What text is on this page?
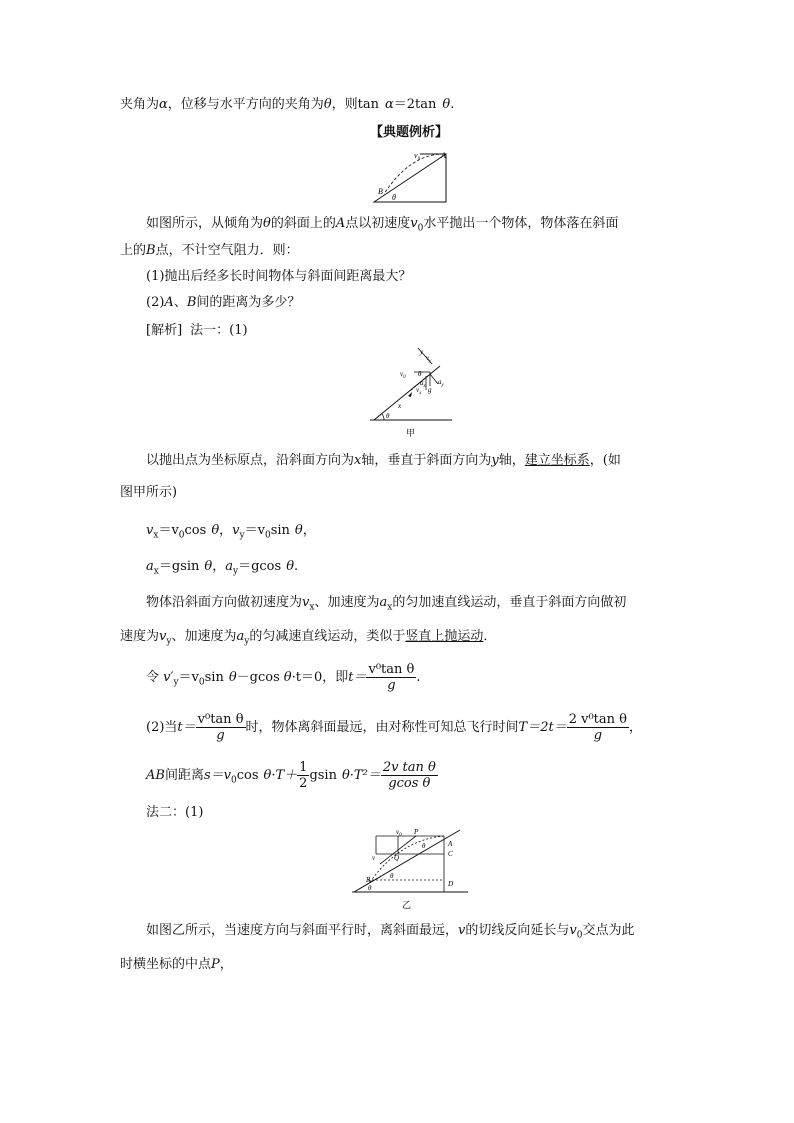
夹角为α，位移与水平方向的夹角为θ，则tan α＝2tan θ.
【典题例析】
$v_0$	A
B
θ
如图所示，从倾角为θ的斜面上的A点以初速度$v_0$水平抛出一个物体，物体落在斜面
上的B点，不计空气阻力．则：
(1)抛出后经多长时间物体与斜面间距离最大？
(2)A、B间的距离为多少？
[解析] 法一：(1)
y
$v_y$
$v_0$ θ
$a_y$
$a_x$
$v_x$ g
x
θ
甲
以抛出点为坐标原点，沿斜面方向为x轴，垂直于斜面方向为y轴，建立坐标系，(如
图甲所示)
$v_x=v_0\cos$ θ，$v_y=v_0\sin$ θ，
$a_x=gsin$ θ，$a_y=gcos$ θ.
物体沿斜面方向做初速度为$v_x$、加速度为$a_x$的匀加速直线运动，垂直于斜面方向做初
速度为$v_y$、加速度为$a_y$的匀减速直线运动，类似于竖直上抛运动．
令 $v'_y=v_0\sin$ θ－gcos θ·t＝0，即$t= \frac{\text{v⁰tan θ}}{g}$ .
(2)当$t= \frac{\text{v⁰tan θ}}{g}$ 时，物体离斜面最远，由对称性可知总飞行时间$T=2t= \frac{\text{2 v⁰tan θ}}{g}$ ，
AB间距离$s=v_0\cos$ $\theta\cdot T+ \frac{1}{2}$ gsin $\theta\cdot T^2= \frac{\text{2v tan θ}}{\text{gcos θ}}$
法二：(1)
$v_0$ P
A
C
θ
Q
v
B	θ
D
θ
乙
如图乙所示，当速度方向与斜面平行时，离斜面最远，v的切线反向延长与$v_0$交点为此
时横坐标的中点P，
